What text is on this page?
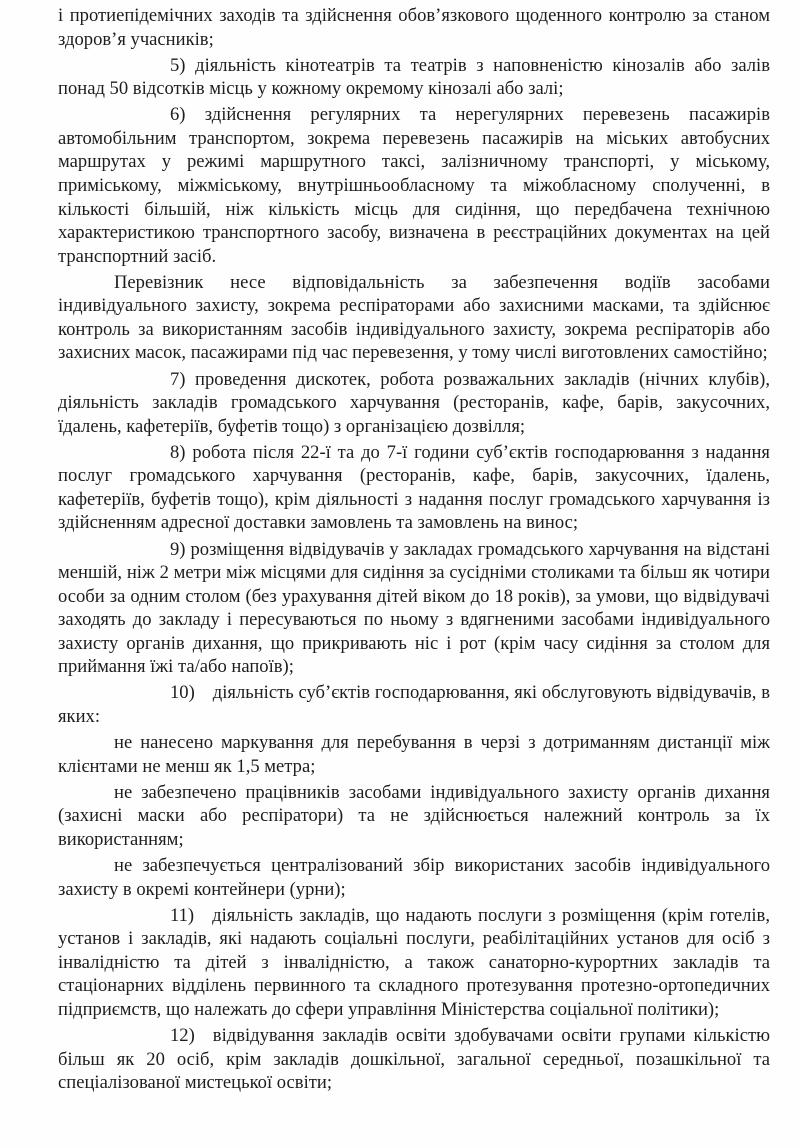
і протиепідемічних заходів та здійснення обов’язкового щоденного контролю за станом здоров’я учасників;

5) діяльність кінотеатрів та театрів з наповненістю кінозалів або залів понад 50 відсотків місць у кожному окремому кінозалі або залі;

6) здійснення регулярних та нерегулярних перевезень пасажирів автомобільним транспортом, зокрема перевезень пасажирів на міських автобусних маршрутах у режимі маршрутного таксі, залізничному транспорті, у міському, приміському, міжміському, внутрішньообласному та міжобласному сполученні, в кількості більшій, ніж кількість місць для сидіння, що передбачена технічною характеристикою транспортного засобу, визначена в реєстраційних документах на цей транспортний засіб.

Перевізник несе відповідальність за забезпечення водіїв засобами індивідуального захисту, зокрема респіраторами або захисними масками, та здійснює контроль за використанням засобів індивідуального захисту, зокрема респіраторів або захисних масок, пасажирами під час перевезення, у тому числі виготовлених самостійно;

7) проведення дискотек, робота розважальних закладів (нічних клубів), діяльність закладів громадського харчування (ресторанів, кафе, барів, закусочних, їдалень, кафетеріїв, буфетів тощо) з організацією дозвілля;

8) робота після 22-ї та до 7-ї години суб’єктів господарювання з надання послуг громадського харчування (ресторанів, кафе, барів, закусочних, їдалень, кафетеріїв, буфетів тощо), крім діяльності з надання послуг громадського харчування із здійсненням адресної доставки замовлень та замовлень на винос;

9) розміщення відвідувачів у закладах громадського харчування на відстані меншій, ніж 2 метри між місцями для сидіння за сусідніми столиками та більш як чотири особи за одним столом (без урахування дітей віком до 18 років), за умови, що відвідувачі заходять до закладу і пересуваються по ньому з вдягненими засобами індивідуального захисту органів дихання, що прикривають ніс і рот (крім часу сидіння за столом для приймання їжі та/або напоїв);

10) діяльність суб’єктів господарювання, які обслуговують відвідувачів, в яких:

не нанесено маркування для перебування в черзі з дотриманням дистанції між клієнтами не менш як 1,5 метра;

не забезпечено працівників засобами індивідуального захисту органів дихання (захисні маски або респіратори) та не здійснюється належний контроль за їх використанням;

не забезпечується централізований збір використаних засобів індивідуального захисту в окремі контейнери (урни);

11) діяльність закладів, що надають послуги з розміщення (крім готелів, установ і закладів, які надають соціальні послуги, реабілітаційних установ для осіб з інвалідністю та дітей з інвалідністю, а також санаторно-курортних закладів та стаціонарних відділень первинного та складного протезування протезно-ортопедичних підприємств, що належать до сфери управління Міністерства соціальної політики);

12) відвідування закладів освіти здобувачами освіти групами кількістю більш як 20 осіб, крім закладів дошкільної, загальної середньої, позашкільної та спеціалізованої мистецької освіти;
